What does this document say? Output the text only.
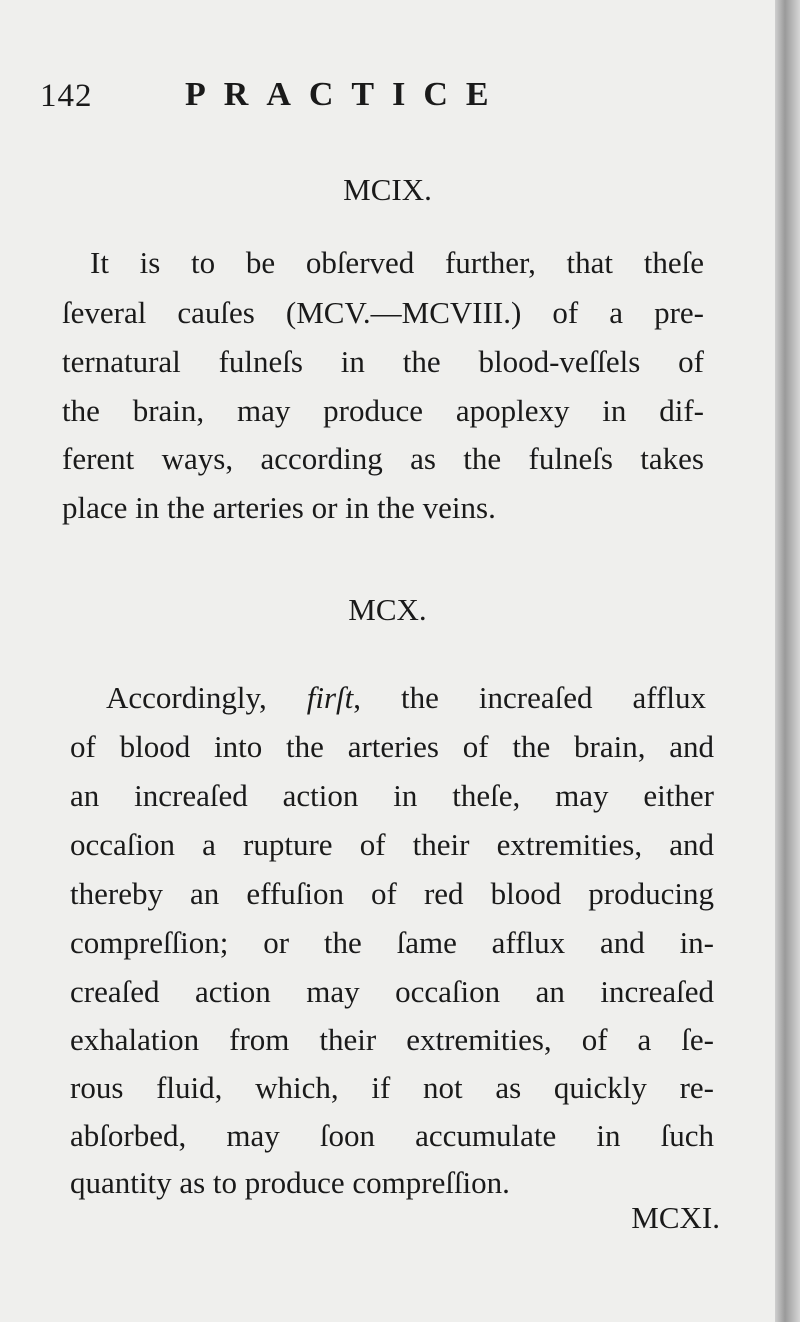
142	PRACTICE
MCIX.
It is to be obſerved further, that theſe
ſeveral cauſes (MCV.—MCVIII.) of a pre-
ternatural fulneſs in the blood-veſſels of
the brain, may produce apoplexy in dif-
ferent ways, according as the fulneſs takes
place in the arteries or in the veins.
MCX.
Accordingly, firſt, the increaſed afflux
of blood into the arteries of the brain, and
an increaſed action in theſe, may either
occaſion a rupture of their extremities, and
thereby an effuſion of red blood producing
compreſſion; or the ſame afflux and in-
creaſed action may occaſion an increaſed
exhalation from their extremities, of a ſe-
rous fluid, which, if not as quickly re-
abſorbed, may ſoon accumulate in ſuch
quantity as to produce compreſſion.
MCXI.
